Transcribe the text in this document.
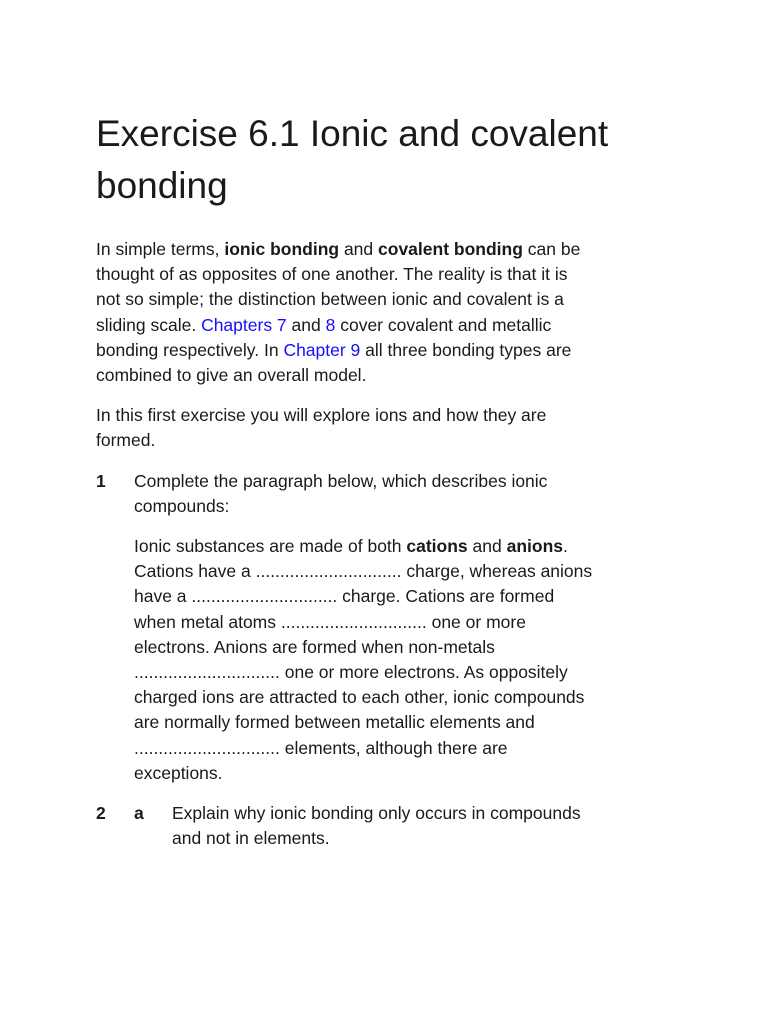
Exercise 6.1 Ionic and covalent bonding

In simple terms, ionic bonding and covalent bonding can be thought of as opposites of one another. The reality is that it is not so simple; the distinction between ionic and covalent is a sliding scale. Chapters 7 and 8 cover covalent and metallic bonding respectively. In Chapter 9 all three bonding types are combined to give an overall model.

In this first exercise you will explore ions and how they are formed.

1	Complete the paragraph below, which describes ionic compounds:

Ionic substances are made of both cations and anions. Cations have a .............................. charge, whereas anions have a .............................. charge. Cations are formed when metal atoms .............................. one or more electrons. Anions are formed when non-metals .............................. one or more electrons. As oppositely charged ions are attracted to each other, ionic compounds are normally formed between metallic elements and .............................. elements, although there are exceptions.

2	a	Explain why ionic bonding only occurs in compounds and not in elements.
